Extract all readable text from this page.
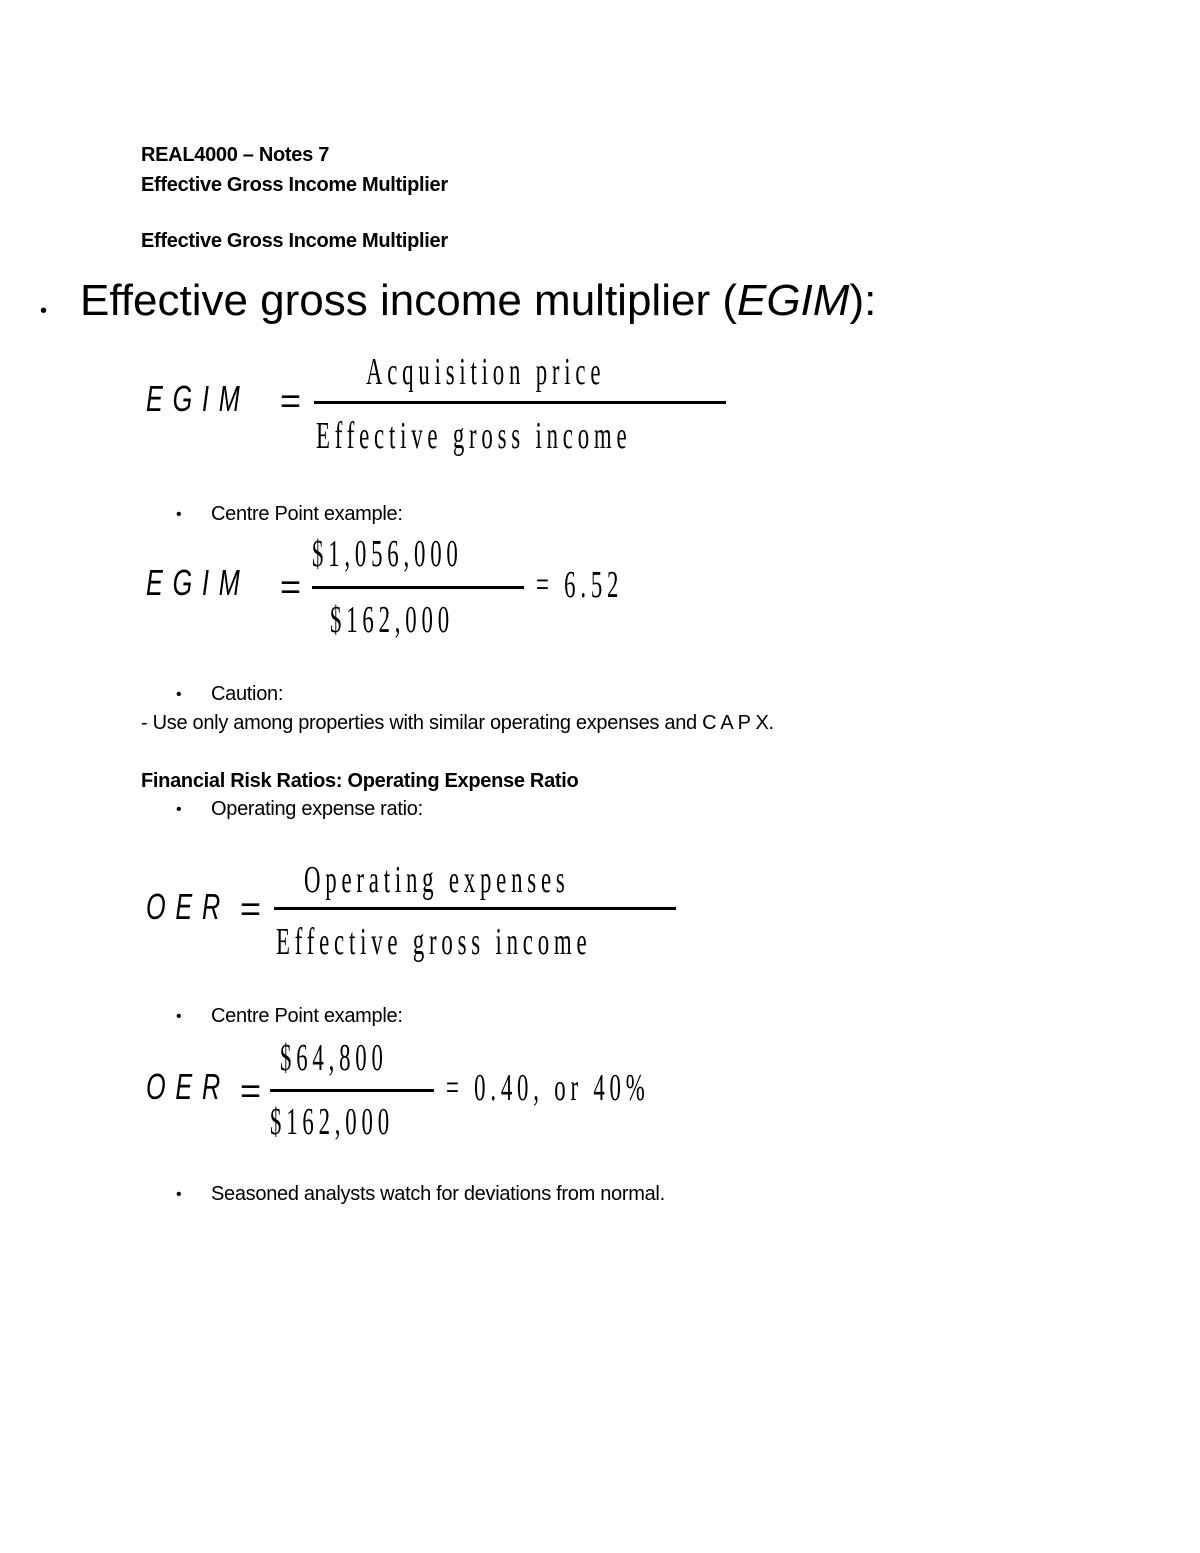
REAL4000 – Notes 7
Effective Gross Income Multiplier
Effective Gross Income Multiplier
• Effective gross income multiplier (EGIM):
EGIM =
Acquisition price
Effective gross income
• Centre Point example:
EGIM =
$1,056,000
$162,000
= 6.52
• Caution:
- Use only among properties with similar operating expenses and C A P X.
Financial Risk Ratios: Operating Expense Ratio
• Operating expense ratio:
OER =
Operating expenses
Effective gross income
• Centre Point example:
OER =
$64,800
$162,000
= 0.40, or 40%
• Seasoned analysts watch for deviations from normal.
